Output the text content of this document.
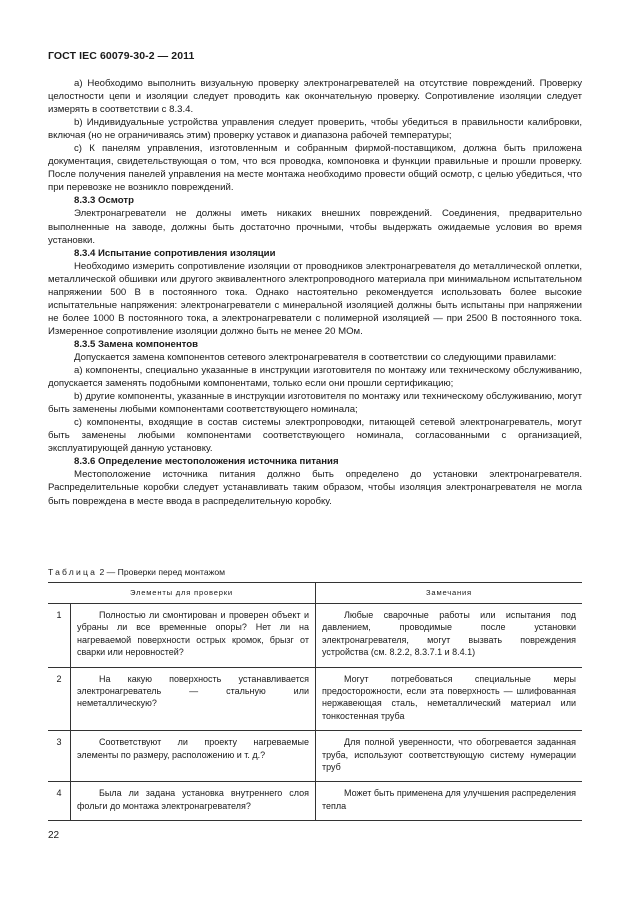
ГОСТ IEC 60079-30-2 — 2011

a) Необходимо выполнить визуальную проверку электронагревателей на отсутствие повреждений. Проверку целостности цепи и изоляции следует проводить как окончательную проверку. Сопротивление изоляции следует измерять в соответствии с 8.3.4.

b) Индивидуальные устройства управления следует проверить, чтобы убедиться в правильности калибровки, включая (но не ограничиваясь этим) проверку уставок и диапазона рабочей температуры;

c) К панелям управления, изготовленным и собранным фирмой-поставщиком, должна быть приложена документация, свидетельствующая о том, что вся проводка, компоновка и функции правильные и прошли проверку. После получения панелей управления на месте монтажа необходимо провести общий осмотр, с целью убедиться, что при перевозке не возникло повреждений.

8.3.3 Осмотр

Электронагреватели не должны иметь никаких внешних повреждений. Соединения, предварительно выполненные на заводе, должны быть достаточно прочными, чтобы выдержать ожидаемые условия во время установки.

8.3.4 Испытание сопротивления изоляции

Необходимо измерить сопротивление изоляции от проводников электронагревателя до металлической оплетки, металлической обшивки или другого эквивалентного электропроводного материала при минимальном испытательном напряжении 500 В в постоянного тока. Однако настоятельно рекомендуется использовать более высокие испытательные напряжения: электронагреватели с минеральной изоляцией должны быть испытаны при напряжении не более 1000 В постоянного тока, а электронагреватели с полимерной изоляцией — при 2500 В постоянного тока. Измеренное сопротивление изоляции должно быть не менее 20 МОм.

8.3.5 Замена компонентов

Допускается замена компонентов сетевого электронагревателя в соответствии со следующими правилами:

a) компоненты, специально указанные в инструкции изготовителя по монтажу или техническому обслуживанию, допускается заменять подобными компонентами, только если они прошли сертификацию;

b) другие компоненты, указанные в инструкции изготовителя по монтажу или техническому обслуживанию, могут быть заменены любыми компонентами соответствующего номинала;

c) компоненты, входящие в состав системы электропроводки, питающей сетевой электронагреватель, могут быть заменены любыми компонентами соответствующего номинала, согласованными с организацией, эксплуатирующей данную установку.

8.3.6 Определение местоположения источника питания

Местоположение источника питания должно быть определено до установки электронагревателя. Распределительные коробки следует устанавливать таким образом, чтобы изоляция электронагревателя не могла быть повреждена в месте ввода в распределительную коробку.

Таблица 2 — Проверки перед монтажом
Элементы для проверки		Замечания
1	Полностью ли смонтирован и проверен объект и убраны ли все временные опоры? Нет ли на нагреваемой поверхности острых кромок, брызг от сварки или неровностей?	Любые сварочные работы или испытания под давлением, проводимые после установки электронагревателя, могут вызвать повреждения устройства (см. 8.2.2, 8.3.7.1 и 8.4.1)
2	На какую поверхность устанавливается электронагреватель — стальную или неметаллическую?	Могут потребоваться специальные меры предосторожности, если эта поверхность — шлифованная нержавеющая сталь, неметаллический материал или тонкостенная труба
3	Соответствуют ли проекту нагреваемые элементы по размеру, расположению и т. д.?	Для полной уверенности, что обогревается заданная труба, используют соответствующую систему нумерации труб
4	Была ли задана установка внутреннего слоя фольги до монтажа электронагревателя?	Может быть применена для улучшения распределения тепла
22
